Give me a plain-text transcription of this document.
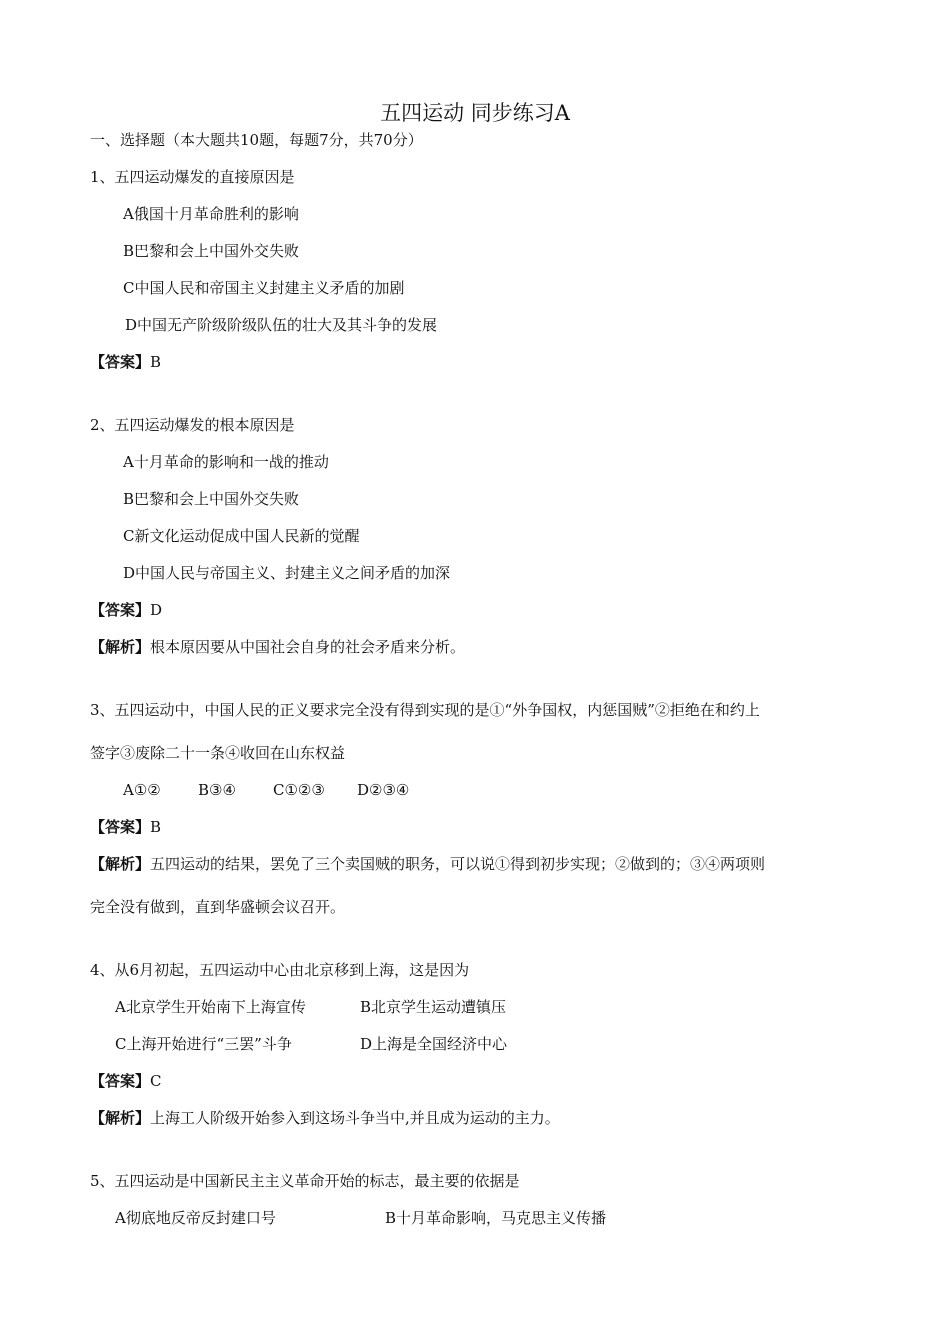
五四运动 同步练习A
一、选择题（本大题共10题，每题7分，共70分）
1、五四运动爆发的直接原因是
A俄国十月革命胜利的影响
B巴黎和会上中国外交失败
C中国人民和帝国主义封建主义矛盾的加剧
D中国无产阶级阶级队伍的壮大及其斗争的发展
【答案】B
2、五四运动爆发的根本原因是
A十月革命的影响和一战的推动
B巴黎和会上中国外交失败
C新文化运动促成中国人民新的觉醒
D中国人民与帝国主义、封建主义之间矛盾的加深
【答案】D
【解析】根本原因要从中国社会自身的社会矛盾来分析。
3、五四运动中，中国人民的正义要求完全没有得到实现的是①“外争国权，内惩国贼”②拒绝在和约上
签字③废除二十一条④收回在山东权益
A①② B③④ C①②③ D②③④
【答案】B
【解析】五四运动的结果，罢免了三个卖国贼的职务，可以说①得到初步实现；②做到的；③④两项则
完全没有做到，直到华盛顿会议召开。
4、从6月初起，五四运动中心由北京移到上海，这是因为
A北京学生开始南下上海宣传	B北京学生运动遭镇压
C上海开始进行“三罢”斗争	D上海是全国经济中心
【答案】C
【解析】上海工人阶级开始参入到这场斗争当中,并且成为运动的主力。
5、五四运动是中国新民主主义革命开始的标志，最主要的依据是
A彻底地反帝反封建口号	B十月革命影响，马克思主义传播
